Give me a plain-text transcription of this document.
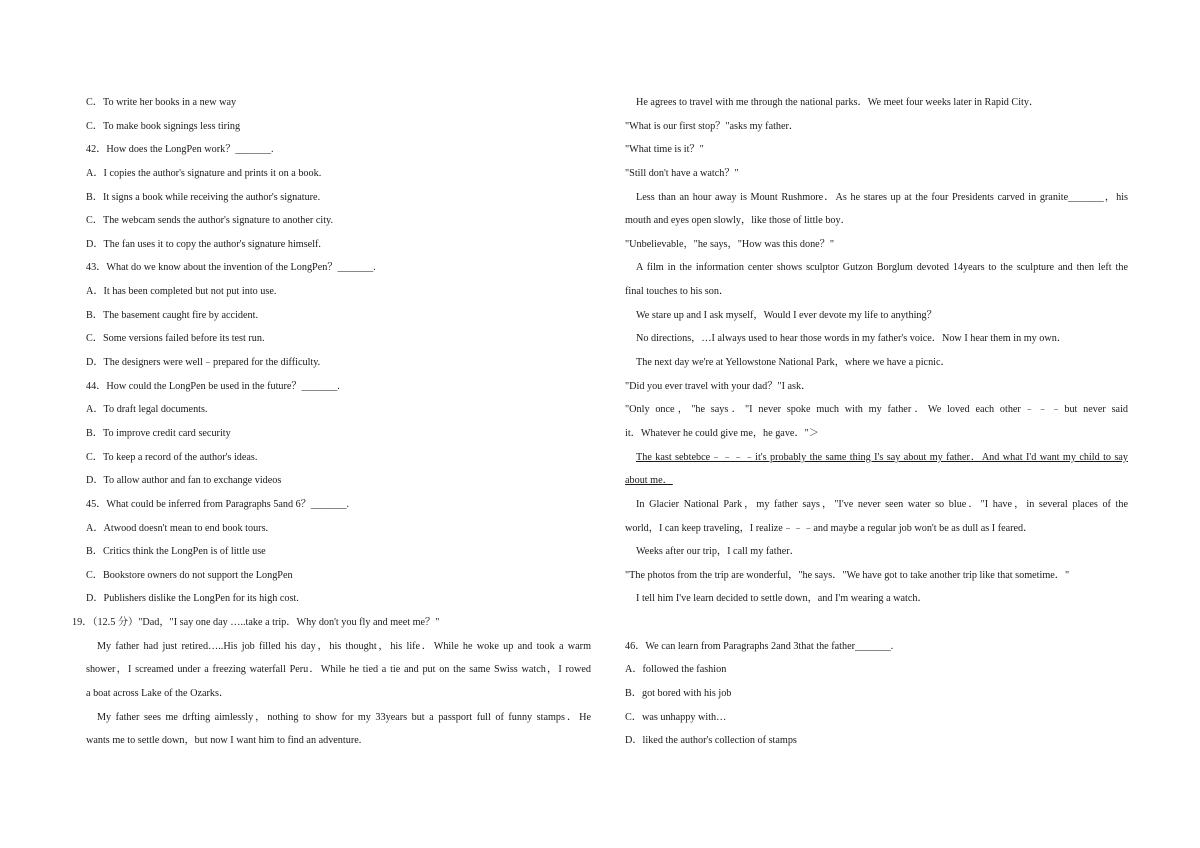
C．To write her books in a new way
C．To make book signings less tiring
42．How does the LongPen work？_______.
A．I copies the author's signature and prints it on a book.
B．It signs a book while receiving the author's signature.
C．The webcam sends the author's signature to another city.
D．The fan uses it to copy the author's signature himself.
43．What do we know about the invention of the LongPen？_______.
A．It has been completed but not put into use.
B．The basement caught fire by accident.
C．Some versions failed before its test run.
D．The designers were well﹣prepared for the difficulty.
44．How could the LongPen be used in the future？_______.
A．To draft legal documents.
B．To improve credit card security
C．To keep a record of the author's ideas.
D．To allow author and fan to exchange videos
45．What could be inferred from Paragraphs 5and 6？_______.
A．Atwood doesn't mean to end book tours.
B．Critics think the LongPen is of little use
C．Bookstore owners do not support the LongPen
D．Publishers dislike the LongPen for its high cost.
19．（12.5 分）"Dad，"I say one day …..take a trip．Why don't you fly and meet me？"
My father had just retired…..His job filled his day，his thought，his life．While he woke up and took a warm
shower，I screamed under a freezing waterfall Peru．While he tied a tie and put on the same Swiss watch，I rowed
a boat across Lake of the Ozarks．
My father sees me drfting aimlessly，nothing to show for my 33years but a passport full of funny stamps．He
wants me to settle down，but now I want him to find an adventure.
He agrees to travel with me through the national parks．We meet four weeks later in Rapid City．
"What is our first stop？"asks my father．
"What time is it？"
"Still don't have a watch？"
Less than an hour away is Mount Rushmore．As he stares up at the four Presidents carved in granite_______，his
mouth and eyes open slowly，like those of little boy．
"Unbelievable，"he says，"How was this done？"
A film in the information center shows sculptor Gutzon Borglum devoted 14years to the sculpture and then left the
final touches to his son．
We stare up and I ask myself，Would I ever devote my life to anything？
No directions，…I always used to hear those words in my father's voice．Now I hear them in my own．
The next day we're at Yellowstone National Park，where we have a picnic．
"Did you ever travel with your dad？"I ask．
"Only once，"he says．"I never spoke much with my father．We loved each other﹣﹣﹣but never said
it．Whatever he could give me，he gave．"＞
The kast sebtebce﹣﹣﹣﹣it's probably the same thing I's say about my father．And what I'd want my child to say
about me．
In Glacier National Park，my father says，"I've never seen water so blue．"I have，in several places of the
world，I can keep traveling，I realize﹣﹣﹣and maybe a regular job won't be as dull as I feared．
Weeks after our trip，I call my father．
"The photos from the trip are wonderful，"he says．"We have got to take another trip like that sometime．"
I tell him I've learn decided to settle down，and I'm wearing a watch．
46．We can learn from Paragraphs 2and 3that the father_______.
A．followed the fashion
B．got bored with his job
C．was unhappy with…
D．liked the author's collection of stamps
